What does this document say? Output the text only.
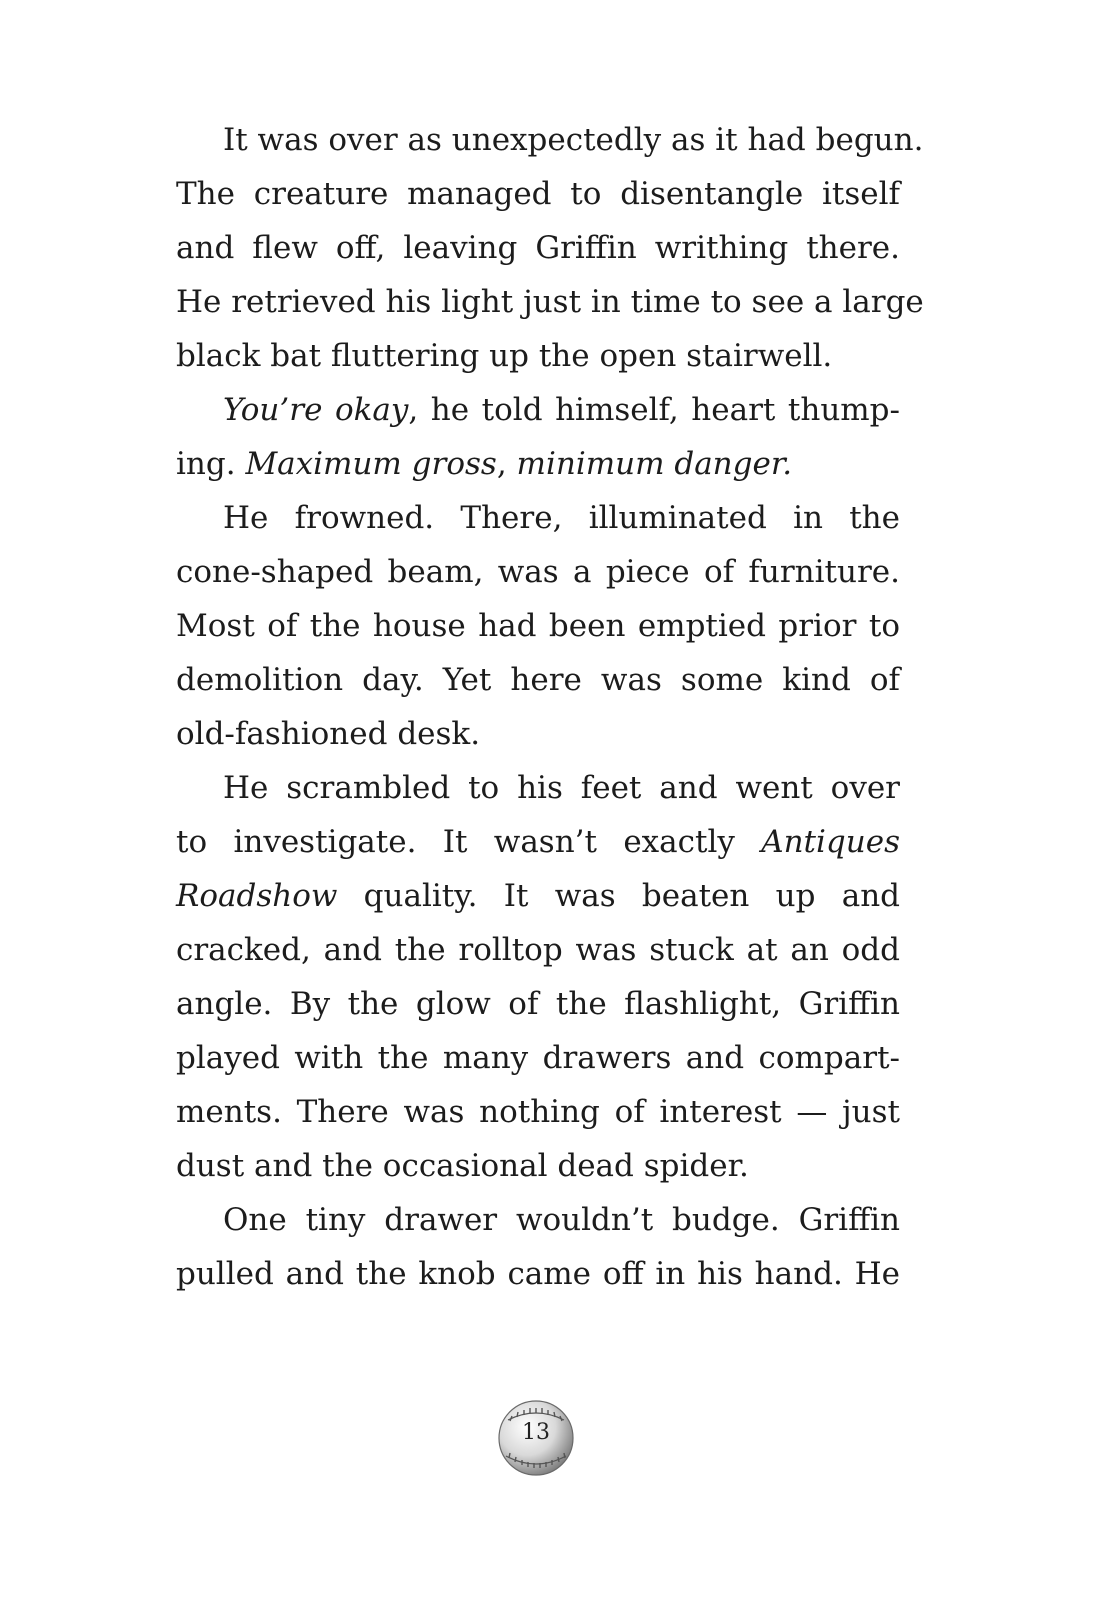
It was over as unexpectedly as it had begun.
The creature managed to disentangle itself
and flew off, leaving Griffin writhing there.
He retrieved his light just in time to see a large
black bat fluttering up the open stairwell.
You’re okay, he told himself, heart thump-
ing. Maximum gross, minimum danger.
He frowned. There, illuminated in the
cone-shaped beam, was a piece of furniture.
Most of the house had been emptied prior to
demolition day. Yet here was some kind of
old-fashioned desk.
He scrambled to his feet and went over
to investigate. It wasn’t exactly Antiques
Roadshow quality. It was beaten up and
cracked, and the rolltop was stuck at an odd
angle. By the glow of the flashlight, Griffin
played with the many drawers and compart-
ments. There was nothing of interest — just
dust and the occasional dead spider.
One tiny drawer wouldn’t budge. Griffin
pulled and the knob came off in his hand. He
13
